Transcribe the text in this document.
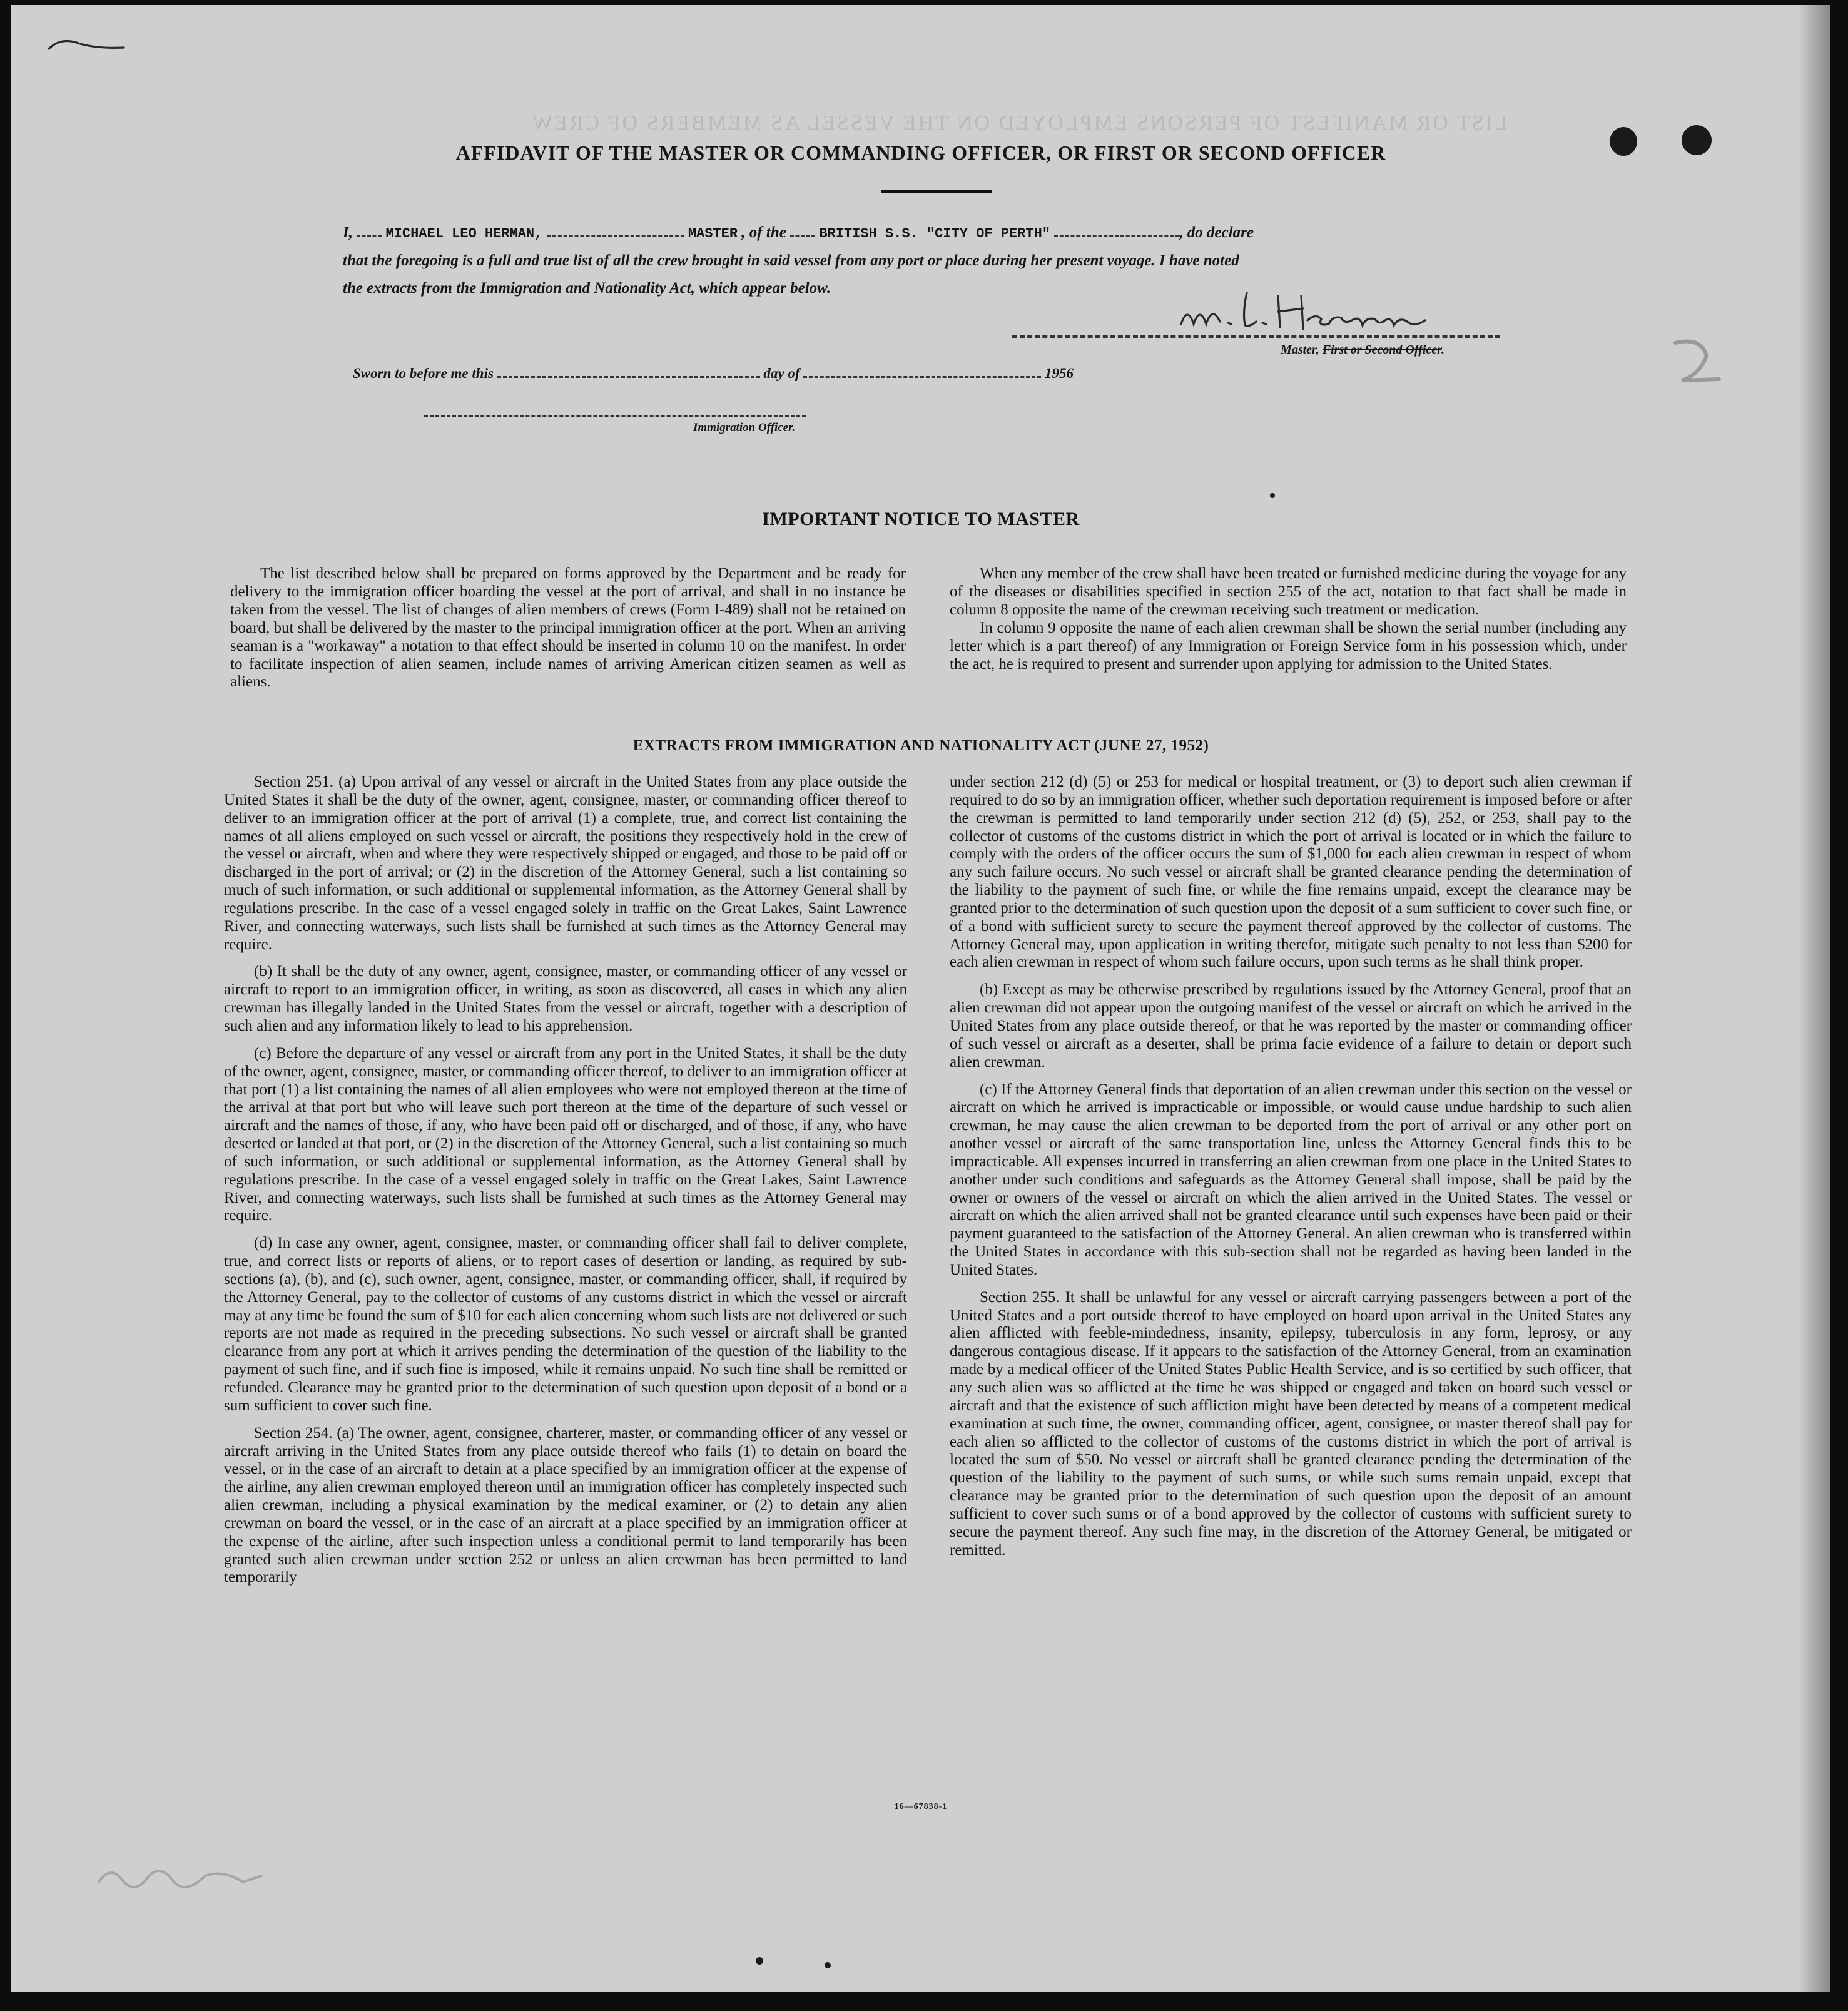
LIST OR MANIFEST OF PERSONS EMPLOYED ON THE VESSEL AS MEMBERS OF CREW
AFFIDAVIT OF THE MASTER OR COMMANDING OFFICER, OR FIRST OR SECOND OFFICER
I, MICHAEL LEO HERMAN,	MASTER , of the BRITISH S.S. "CITY OF PERTH"	, do declare
that the foregoing is a full and true list of all the crew brought in said vessel from any port or place during her present voyage. I have noted
the extracts from the Immigration and Nationality Act, which appear below.
Master, First or Second Officer.
Sworn to before me this	day of	1956
Immigration Officer.
IMPORTANT NOTICE TO MASTER

The list described below shall be prepared on forms approved by the Department and be ready for delivery to the immigration officer boarding the vessel at the port of arrival, and shall in no instance be taken from the vessel. The list of changes of alien members of crews (Form I-489) shall not be retained on board, but shall be delivered by the master to the principal immigration officer at the port. When an arriving seaman is a "workaway" a notation to that effect should be inserted in column 10 on the manifest. In order to facilitate inspection of alien seamen, include names of arriving American citizen seamen as well as aliens.

When any member of the crew shall have been treated or furnished medicine during the voyage for any of the diseases or disabilities specified in section 255 of the act, notation to that fact shall be made in column 8 opposite the name of the crewman receiving such treatment or medication.

In column 9 opposite the name of each alien crewman shall be shown the serial number (including any letter which is a part thereof) of any Immigration or Foreign Service form in his possession which, under the act, he is required to present and surrender upon applying for admission to the United States.

EXTRACTS FROM IMMIGRATION AND NATIONALITY ACT (JUNE 27, 1952)

Section 251. (a) Upon arrival of any vessel or aircraft in the United States from any place outside the United States it shall be the duty of the owner, agent, consignee, master, or commanding officer thereof to deliver to an immigration officer at the port of arrival (1) a complete, true, and correct list containing the names of all aliens employed on such vessel or aircraft, the positions they respectively hold in the crew of the vessel or aircraft, when and where they were respectively shipped or engaged, and those to be paid off or discharged in the port of arrival; or (2) in the discretion of the Attorney General, such a list containing so much of such information, or such additional or supplemental information, as the Attorney General shall by regulations prescribe. In the case of a vessel engaged solely in traffic on the Great Lakes, Saint Lawrence River, and connecting waterways, such lists shall be furnished at such times as the Attorney General may require.

(b) It shall be the duty of any owner, agent, consignee, master, or commanding officer of any vessel or aircraft to report to an immigration officer, in writing, as soon as discovered, all cases in which any alien crewman has illegally landed in the United States from the vessel or aircraft, together with a description of such alien and any information likely to lead to his apprehension.

(c) Before the departure of any vessel or aircraft from any port in the United States, it shall be the duty of the owner, agent, consignee, master, or commanding officer thereof, to deliver to an immigration officer at that port (1) a list containing the names of all alien employees who were not employed thereon at the time of the arrival at that port but who will leave such port thereon at the time of the departure of such vessel or aircraft and the names of those, if any, who have been paid off or discharged, and of those, if any, who have deserted or landed at that port, or (2) in the discretion of the Attorney General, such a list containing so much of such information, or such additional or supplemental information, as the Attorney General shall by regulations prescribe. In the case of a vessel engaged solely in traffic on the Great Lakes, Saint Lawrence River, and connecting waterways, such lists shall be furnished at such times as the Attorney General may require.

(d) In case any owner, agent, consignee, master, or commanding officer shall fail to deliver complete, true, and correct lists or reports of aliens, or to report cases of desertion or landing, as required by sub-sections (a), (b), and (c), such owner, agent, consignee, master, or commanding officer, shall, if required by the Attorney General, pay to the collector of customs of any customs district in which the vessel or aircraft may at any time be found the sum of $10 for each alien concerning whom such lists are not delivered or such reports are not made as required in the preceding subsections. No such vessel or aircraft shall be granted clearance from any port at which it arrives pending the determination of the question of the liability to the payment of such fine, and if such fine is imposed, while it remains unpaid. No such fine shall be remitted or refunded. Clearance may be granted prior to the determination of such question upon deposit of a bond or a sum sufficient to cover such fine.

Section 254. (a) The owner, agent, consignee, charterer, master, or commanding officer of any vessel or aircraft arriving in the United States from any place outside thereof who fails (1) to detain on board the vessel, or in the case of an aircraft to detain at a place specified by an immigration officer at the expense of the airline, any alien crewman employed thereon until an immigration officer has completely inspected such alien crewman, including a physical examination by the medical examiner, or (2) to detain any alien crewman on board the vessel, or in the case of an aircraft at a place specified by an immigration officer at the expense of the airline, after such inspection unless a conditional permit to land temporarily has been granted such alien crewman under section 252 or unless an alien crewman has been permitted to land temporarily

under section 212 (d) (5) or 253 for medical or hospital treatment, or (3) to deport such alien crewman if required to do so by an immigration officer, whether such deportation requirement is imposed before or after the crewman is permitted to land temporarily under section 212 (d) (5), 252, or 253, shall pay to the collector of customs of the customs district in which the port of arrival is located or in which the failure to comply with the orders of the officer occurs the sum of $1,000 for each alien crewman in respect of whom any such failure occurs. No such vessel or aircraft shall be granted clearance pending the determination of the liability to the payment of such fine, or while the fine remains unpaid, except the clearance may be granted prior to the determination of such question upon the deposit of a sum sufficient to cover such fine, or of a bond with sufficient surety to secure the payment thereof approved by the collector of customs. The Attorney General may, upon application in writing therefor, mitigate such penalty to not less than $200 for each alien crewman in respect of whom such failure occurs, upon such terms as he shall think proper.

(b) Except as may be otherwise prescribed by regulations issued by the Attorney General, proof that an alien crewman did not appear upon the outgoing manifest of the vessel or aircraft on which he arrived in the United States from any place outside thereof, or that he was reported by the master or commanding officer of such vessel or aircraft as a deserter, shall be prima facie evidence of a failure to detain or deport such alien crewman.

(c) If the Attorney General finds that deportation of an alien crewman under this section on the vessel or aircraft on which he arrived is impracticable or impossible, or would cause undue hardship to such alien crewman, he may cause the alien crewman to be deported from the port of arrival or any other port on another vessel or aircraft of the same transportation line, unless the Attorney General finds this to be impracticable. All expenses incurred in transferring an alien crewman from one place in the United States to another under such conditions and safeguards as the Attorney General shall impose, shall be paid by the owner or owners of the vessel or aircraft on which the alien arrived in the United States. The vessel or aircraft on which the alien arrived shall not be granted clearance until such expenses have been paid or their payment guaranteed to the satisfaction of the Attorney General. An alien crewman who is transferred within the United States in accordance with this sub-section shall not be regarded as having been landed in the United States.

Section 255. It shall be unlawful for any vessel or aircraft carrying passengers between a port of the United States and a port outside thereof to have employed on board upon arrival in the United States any alien afflicted with feeble-mindedness, insanity, epilepsy, tuberculosis in any form, leprosy, or any dangerous contagious disease. If it appears to the satisfaction of the Attorney General, from an examination made by a medical officer of the United States Public Health Service, and is so certified by such officer, that any such alien was so afflicted at the time he was shipped or engaged and taken on board such vessel or aircraft and that the existence of such affliction might have been detected by means of a competent medical examination at such time, the owner, commanding officer, agent, consignee, or master thereof shall pay for each alien so afflicted to the collector of customs of the customs district in which the port of arrival is located the sum of $50. No vessel or aircraft shall be granted clearance pending the determination of the question of the liability to the payment of such sums, or while such sums remain unpaid, except that clearance may be granted prior to the determination of such question upon the deposit of an amount sufficient to cover such sums or of a bond approved by the collector of customs with sufficient surety to secure the payment thereof. Any such fine may, in the discretion of the Attorney General, be mitigated or remitted.

16—67838-1
